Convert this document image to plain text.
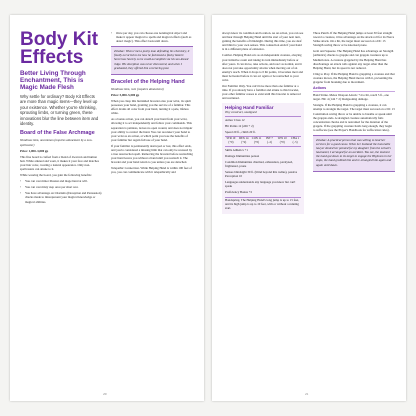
Body Kit Effects
Better Living Through Enchantment, This is Magic Made Flesh

Why settle for ordinary? Body Kit Effects are more than magic items—they level up your existence. Whether you're shrinking, sprouting limbs, or turning green, these innovations blur the line between item and identity.

Board of the False Archmage

Wondrous item, uncommon (requires attunement by a non-spellcaster)

Price: 1,000–3,000 gp

This fine board is crafted from a blend of dwarven and human hair. While attuned and worn, it makes it your face and matches your hair color, creating a natural appearance. Only non-spellcasters can attune to it.

While wearing the board, you gain the following benefits:

• You can cast minor illusion and mage hand at will.

• You can cast misty step once per short rest.

• You have advantage on Charisma (Deception and Persuasion) checks made to misrepresent your magical knowledge or magical abilities.

• Once per day, you can choose one nonmagical object and make it appear magical to spells and magical effects (such as detect magic). This effect lasts until dawn.

Zeledae: When I met a pushy man defending his chemistry, it finally occurred to me how he fashioned a flashy bizarre Sorcerous Society so he could accomplish via his sun-kissed ridge. His deception was never discovered, and when I graduated, they offered him a lecturing post.

Bracelet of the Helping Hand

Wondrous item, rare (requires attunement)

Price: 5,000–5,500 gp

When you clasp this burnished bracelet onto your wrist, its spirit possesses your hand, granting you the service of a familiar. This effect drains all color from your hand, turning it a pale, lifeless white.

As a bonus action, you can detach your hand from your wrist, allowing it to act independently and follow your commands. This separation is painless, leaves no open wound, and does not impair your ability to control the hand. You can reconnect your hand to your wrist as an action, at which point you lose the benefits of your familiar but regain full use of your hand.

If your familiar is permanently destroyed or lost, this effect ends, and you're considered a missing limb that can only be restored by a true resurrection spell. Removing the bracelet before reattaching your hand leaves you without a hand until you reattach it. The bracelet and your hand return to you unless you are detached.

Telepathic Connection. While Helping Hand is within 100 feet of you, you can communicate with it telepathically and

20

always know its condition and location. As an action, you can see and hear through Helping Hand until the start of your next turn, gaining the benefits of blindsight. During this time, you are deaf and blind to your own senses. This connection ends if your hand is in a different plane of existence.

Combat. Helping Hand acts as an independent creature, obeying your initiative count and taking its turn immediately before or after yours. It can move, take actions, and react as normal, and it does not provoke opportunity attacks when moving out of an enemy's reach. When it drops to 0 hit points, it becomes inert and must be healed before it can act again or be reattached to your wrist.

Our Familiar Only. You can't have more than one familiar at a time. If you already have a familiar and attune to this bracelet, your other familiar ceases to exist until this bracelet is removed and reattuned.

Helping Hand Familiar

Tiny construct, unaligned

Armor Class 12

Hit Points 12 (2d6 + 2)

Speed 20 ft., climb 20 ft.

STR 10 (+0)
DEX 14 (+2)
CON 11 (+0)
INT 7 (−2)
WIS 10 (+0)
CHA 1 (−5)

Skills Athletics +1

Damage Immunities poison

Condition Immunities charmed, exhaustion, paralyzed, frightened, prone

Senses blindsight 30 ft. (blind beyond this radius), passive Perception 10

Languages understands any language you know but can't speak

Proficiency Bonus +2

Handspring. The Helping Hand's long jump is up to 15 feet, and its high jump is up to 10 feet, with or without a running start.

Three Punch. If the Helping Hand jumps at least 30 feet straight toward a creature, it has advantage on the attack roll for its Fierce Strike attack. On a hit, the target must succeed on a DC 13 Strength saving throw or be knocked prone.

Grab and Squeeze. The Helping Hand has advantage on Strength (Athletics) checks to grapple and can grapple creatures up to Medium size. A creature grappled by the Helping Hand has disadvantage on attack rolls against any target other than the Helping Hand, but its speed is not reduced.

Cling to Prey. If the Helping Hand is grappling a creature and that creature moves, the Helping Hand moves with it, preventing the grappler from breaking due to movement.

Actions

Hand Strike. Melee Weapon Attack: +4 to hit, reach 5 ft., one target. Hit: 4 (1d4 + 2) bludgeoning damage.

Strangle. If the Helping Hand is grappling a creature, it can attempt to strangle the target. The target must succeed on a DC 13 Constitution saving throw or be unable to breathe or speak until the grapple ends. A strangled creature automatically fails concentration checks and is restrained for the duration of the grapple. If the grappling creature holds long enough, they begin to suffocate (see the Player's Handbook for suffocation rules).

Zeledae: A practical person that was willing to lend her services for a good cause. When her husband the honorable lawyer denied her pointed for my daughter from the school's lawmaster, I arranged for an accident. You see, the moment the hand got down to its target to engage the Highness in her stops, the hand grabbed him and re-strangled him again and again until dawn.

21
